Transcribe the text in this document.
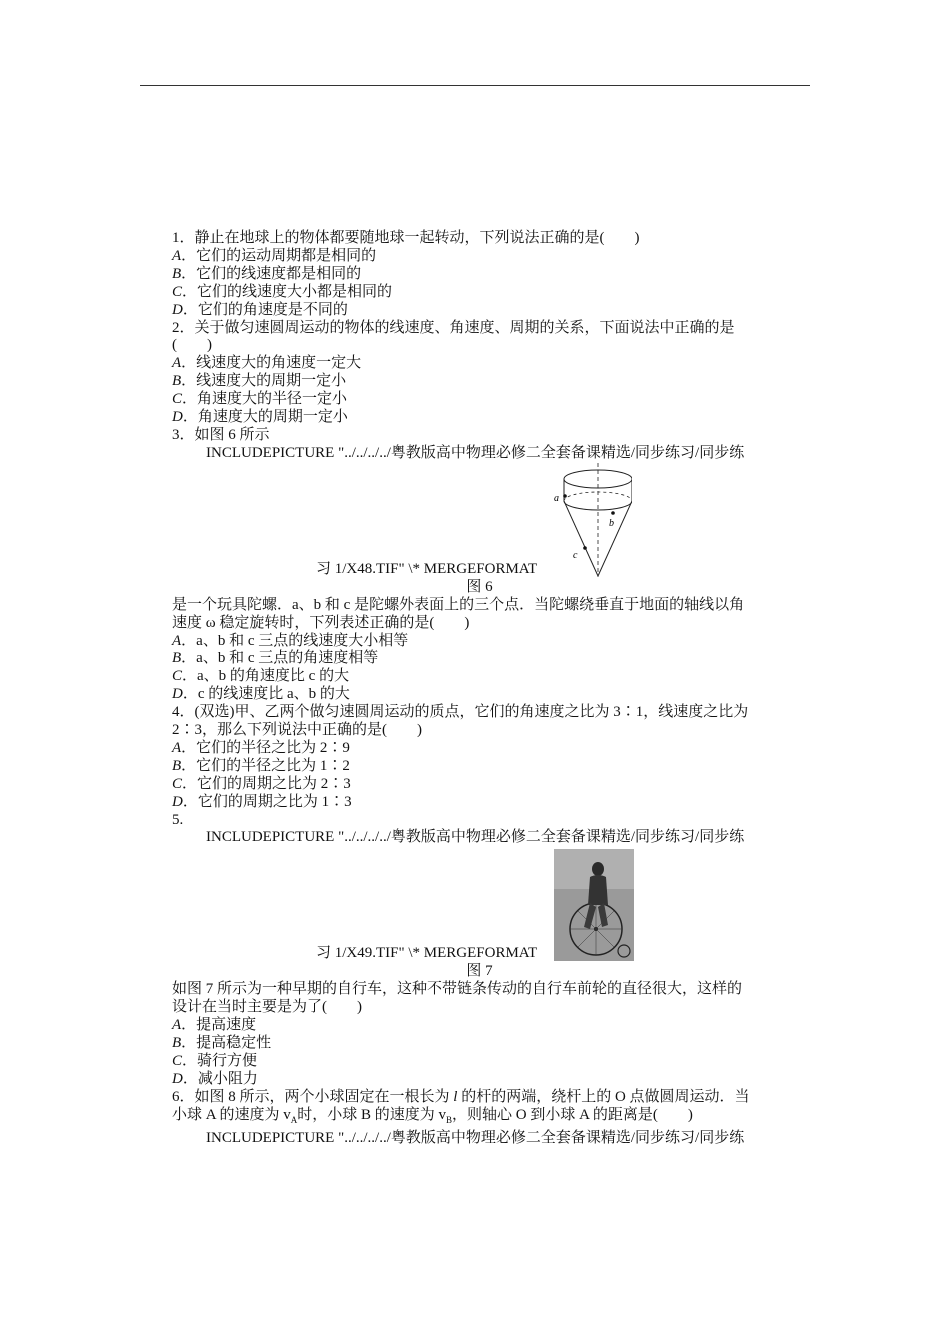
1．静止在地球上的物体都要随地球一起转动，下列说法正确的是(　　)
A．它们的运动周期都是相同的
B．它们的线速度都是相同的
C．它们的线速度大小都是相同的
D．它们的角速度是不同的
2．关于做匀速圆周运动的物体的线速度、角速度、周期的关系，下面说法中正确的是
(　　)
A．线速度大的角速度一定大
B．线速度大的周期一定小
C．角速度大的半径一定小
D．角速度大的周期一定小
3．如图 6 所示
INCLUDEPICTURE "../../../../粤教版高中物理必修二全套备课精选/同步练习/同步练
a
b
c
习 1/X48.TIF" \* MERGEFORMAT
图 6
是一个玩具陀螺．a、b 和 c 是陀螺外表面上的三个点．当陀螺绕垂直于地面的轴线以角
速度 ω 稳定旋转时，下列表述正确的是(　　)
A．a、b 和 c 三点的线速度大小相等
B．a、b 和 c 三点的角速度相等
C．a、b 的角速度比 c 的大
D．c 的线速度比 a、b 的大
4．(双选)甲、乙两个做匀速圆周运动的质点，它们的角速度之比为 3∶1，线速度之比为
2∶3，那么下列说法中正确的是(　　)
A．它们的半径之比为 2∶9
B．它们的半径之比为 1∶2
C．它们的周期之比为 2∶3
D．它们的周期之比为 1∶3
5.
INCLUDEPICTURE "../../../../粤教版高中物理必修二全套备课精选/同步练习/同步练
习 1/X49.TIF" \* MERGEFORMAT
图 7
如图 7 所示为一种早期的自行车，这种不带链条传动的自行车前轮的直径很大，这样的
设计在当时主要是为了(　　)
A．提高速度
B．提高稳定性
C．骑行方便
D．减小阻力
6．如图 8 所示，两个小球固定在一根长为 l 的杆的两端，绕杆上的 O 点做圆周运动．当
小球 A 的速度为 $v_A$时，小球 B 的速度为 $v_B$，则轴心 O 到小球 A 的距离是(　　)
INCLUDEPICTURE "../../../../粤教版高中物理必修二全套备课精选/同步练习/同步练
